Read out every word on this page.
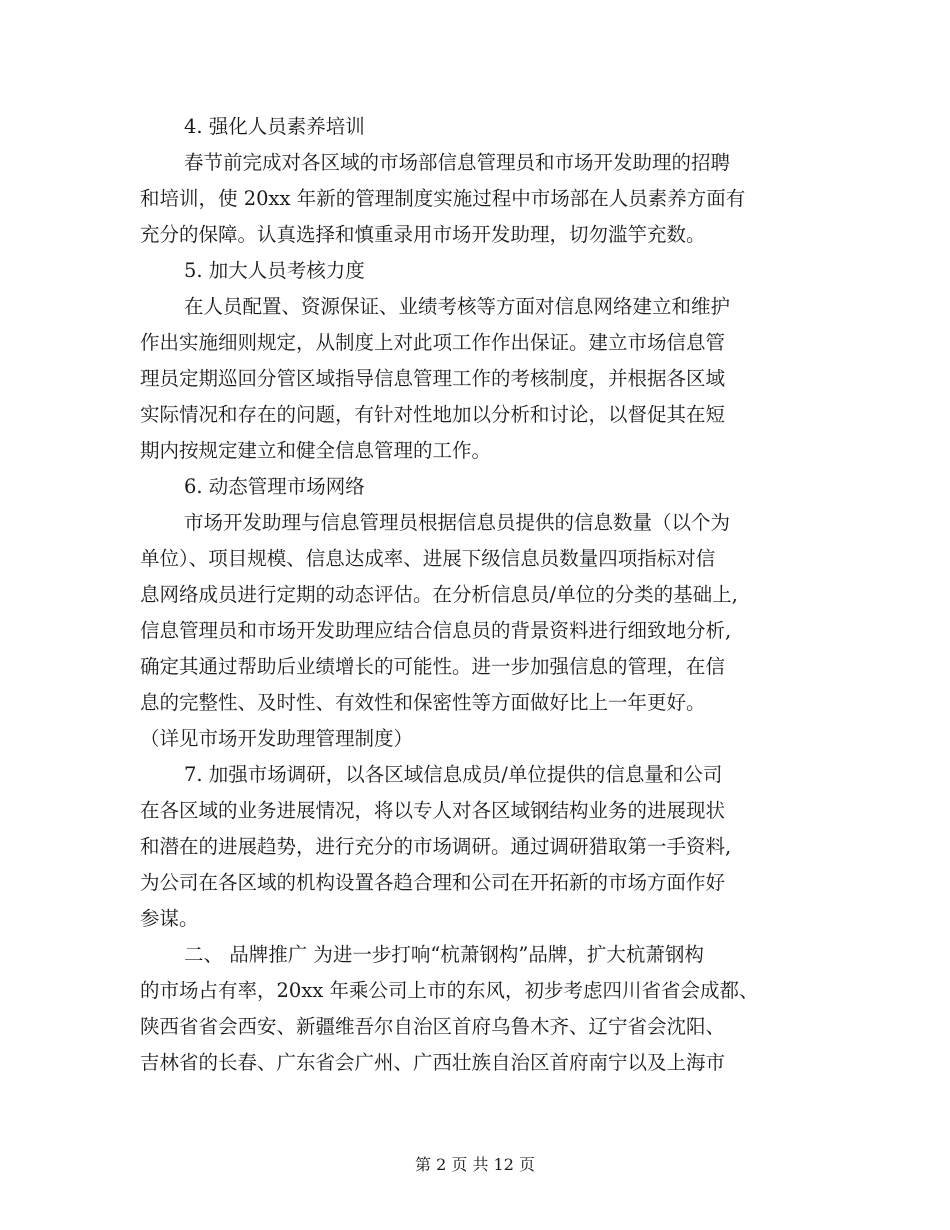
4. 强化人员素养培训
春节前完成对各区域的市场部信息管理员和市场开发助理的招聘
和培训，使 20xx 年新的管理制度实施过程中市场部在人员素养方面有
充分的保障。认真选择和慎重录用市场开发助理，切勿滥竽充数。
5. 加大人员考核力度
在人员配置、资源保证、业绩考核等方面对信息网络建立和维护
作出实施细则规定，从制度上对此项工作作出保证。建立市场信息管
理员定期巡回分管区域指导信息管理工作的考核制度，并根据各区域
实际情况和存在的问题，有针对性地加以分析和讨论，以督促其在短
期内按规定建立和健全信息管理的工作。
6. 动态管理市场网络
市场开发助理与信息管理员根据信息员提供的信息数量（以个为
单位）、项目规模、信息达成率、进展下级信息员数量四项指标对信
息网络成员进行定期的动态评估。在分析信息员/单位的分类的基础上,
信息管理员和市场开发助理应结合信息员的背景资料进行细致地分析,
确定其通过帮助后业绩增长的可能性。进一步加强信息的管理，在信
息的完整性、及时性、有效性和保密性等方面做好比上一年更好。
（详见市场开发助理管理制度）
7. 加强市场调研，以各区域信息成员/单位提供的信息量和公司
在各区域的业务进展情况，将以专人对各区域钢结构业务的进展现状
和潜在的进展趋势，进行充分的市场调研。通过调研猎取第一手资料,
为公司在各区域的机构设置各趋合理和公司在开拓新的市场方面作好
参谋。
二、 品牌推广 为进一步打响“杭萧钢构”品牌，扩大杭萧钢构
的市场占有率，20xx 年乘公司上市的东风，初步考虑四川省省会成都、
陕西省省会西安、新疆维吾尔自治区首府乌鲁木齐、辽宁省会沈阳、
吉林省的长春、广东省会广州、广西壮族自治区首府南宁以及上海市
第 2 页 共 12 页
